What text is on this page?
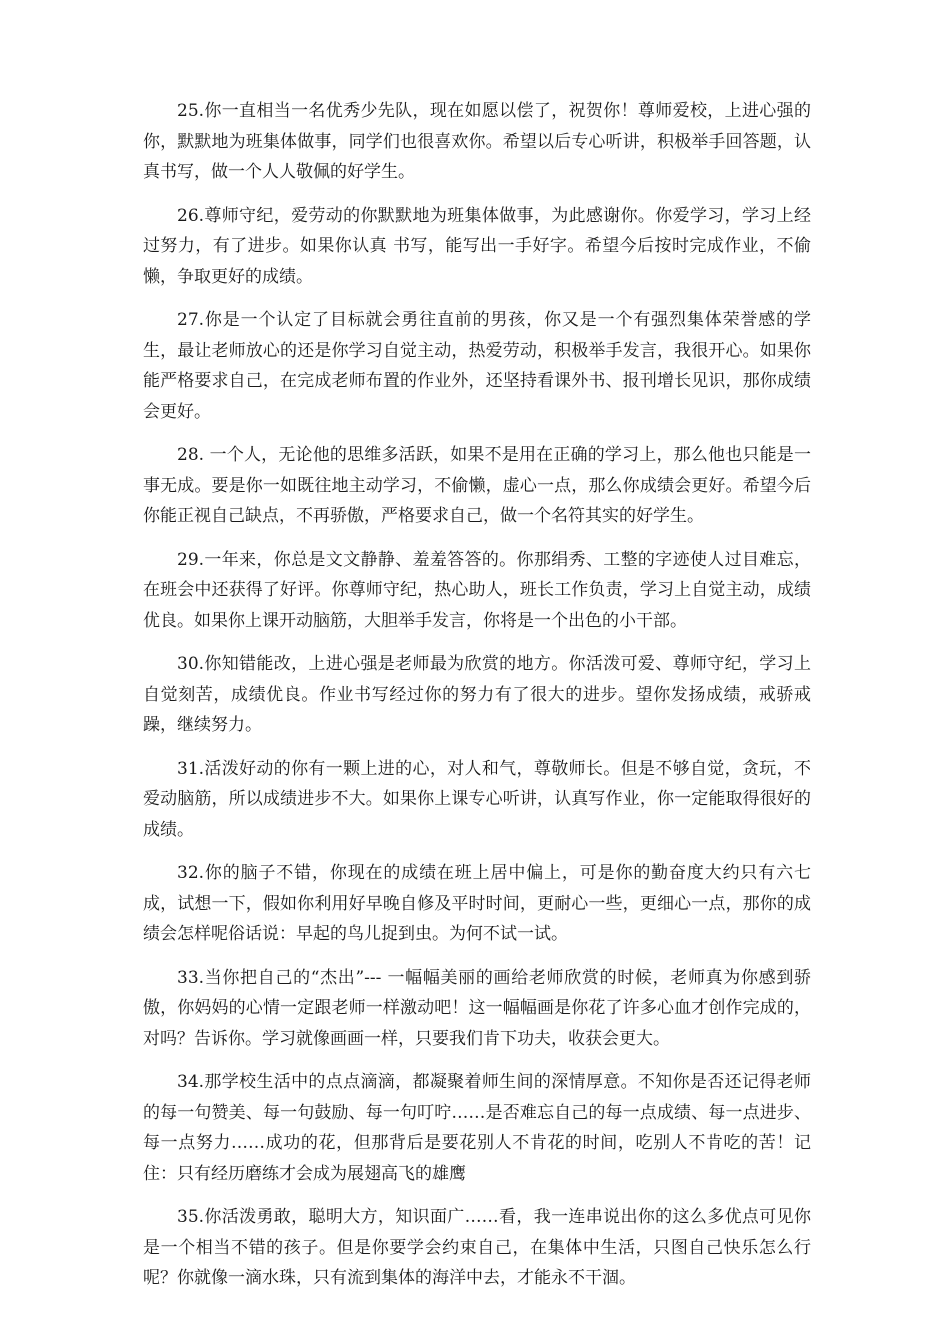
25.你一直相当一名优秀少先队，现在如愿以偿了，祝贺你！尊师爱校，上进心强的你，默默地为班集体做事，同学们也很喜欢你。希望以后专心听讲，积极举手回答题，认真书写，做一个人人敬佩的好学生。

26.尊师守纪，爱劳动的你默默地为班集体做事，为此感谢你。你爱学习，学习上经过努力，有了进步。如果你认真 书写，能写出一手好字。希望今后按时完成作业，不偷懒，争取更好的成绩。

27.你是一个认定了目标就会勇往直前的男孩，你又是一个有强烈集体荣誉感的学生，最让老师放心的还是你学习自觉主动，热爱劳动，积极举手发言，我很开心。如果你能严格要求自己，在完成老师布置的作业外，还坚持看课外书、报刊增长见识，那你成绩会更好。

28. 一个人，无论他的思维多活跃，如果不是用在正确的学习上，那么他也只能是一事无成。要是你一如既往地主动学习，不偷懒，虚心一点，那么你成绩会更好。希望今后你能正视自己缺点，不再骄傲，严格要求自己，做一个名符其实的好学生。

29.一年来，你总是文文静静、羞羞答答的。你那绢秀、工整的字迹使人过目难忘，在班会中还获得了好评。你尊师守纪，热心助人，班长工作负责，学习上自觉主动，成绩优良。如果你上课开动脑筋，大胆举手发言，你将是一个出色的小干部。

30.你知错能改，上进心强是老师最为欣赏的地方。你活泼可爱、尊师守纪，学习上自觉刻苦，成绩优良。作业书写经过你的努力有了很大的进步。望你发扬成绩，戒骄戒躁，继续努力。

31.活泼好动的你有一颗上进的心，对人和气，尊敬师长。但是不够自觉，贪玩，不爱动脑筋，所以成绩进步不大。如果你上课专心听讲，认真写作业，你一定能取得很好的成绩。

32.你的脑子不错，你现在的成绩在班上居中偏上，可是你的勤奋度大约只有六七成，试想一下，假如你利用好早晚自修及平时时间，更耐心一些，更细心一点，那你的成绩会怎样呢俗话说：早起的鸟儿捉到虫。为何不试一试。

33.当你把自己的“杰出”--- 一幅幅美丽的画给老师欣赏的时候，老师真为你感到骄傲，你妈妈的心情一定跟老师一样激动吧！这一幅幅画是你花了许多心血才创作完成的，对吗？告诉你。学习就像画画一样，只要我们肯下功夫，收获会更大。

34.那学校生活中的点点滴滴，都凝聚着师生间的深情厚意。不知你是否还记得老师的每一句赞美、每一句鼓励、每一句叮咛……是否难忘自己的每一点成绩、每一点进步、每一点努力……成功的花，但那背后是要花别人不肯花的时间，吃别人不肯吃的苦！记住：只有经历磨练才会成为展翅高飞的雄鹰

35.你活泼勇敢，聪明大方，知识面广……看，我一连串说出你的这么多优点可见你是一个相当不错的孩子。但是你要学会约束自己，在集体中生活，只图自己快乐怎么行呢？你就像一滴水珠，只有流到集体的海洋中去，才能永不干涸。
